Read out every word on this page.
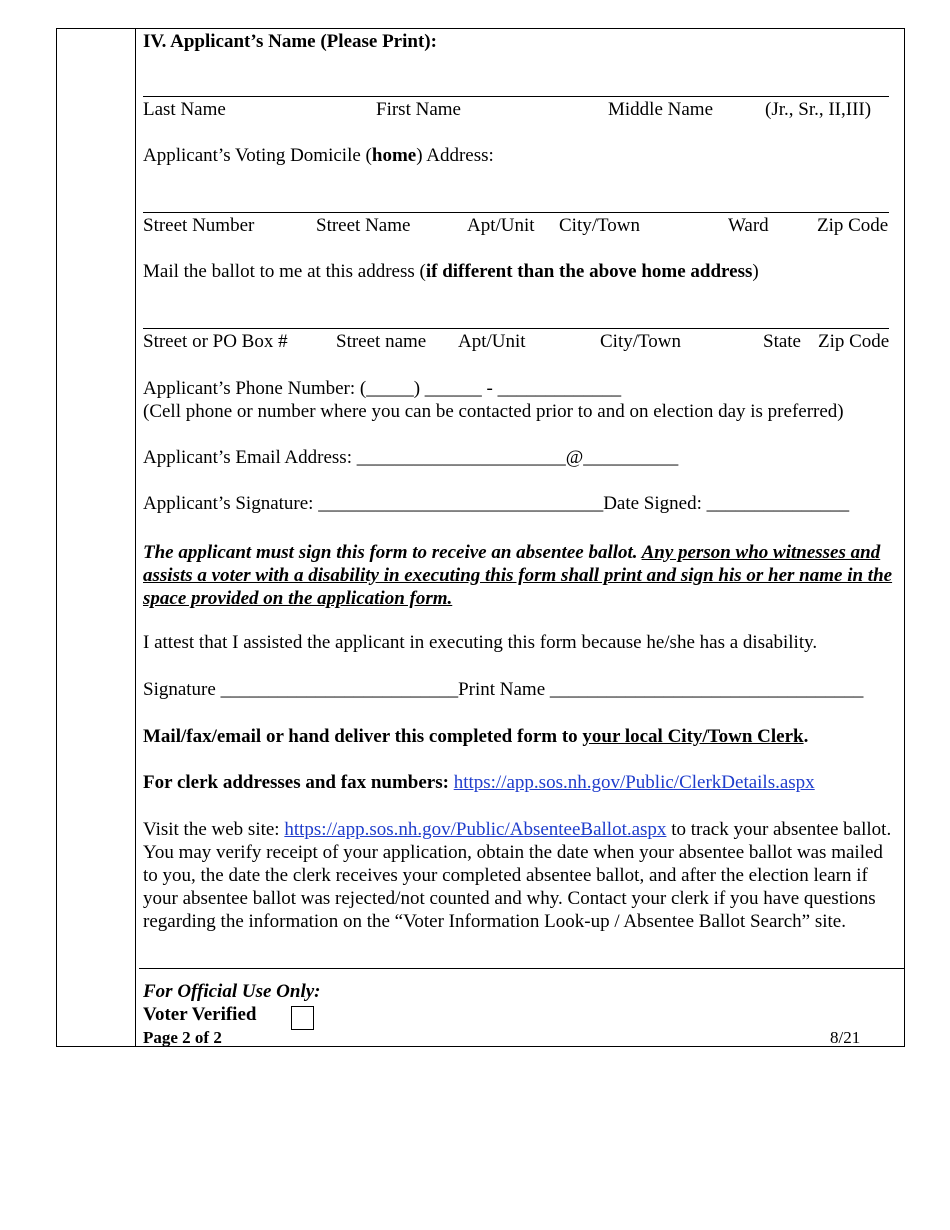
IV. Applicant’s Name (Please Print):
Last Name	First Name	Middle Name	(Jr., Sr., II,III)
Applicant’s Voting Domicile (home) Address:
Street Number	Street Name	Apt/Unit City/Town	Ward	Zip Code
Mail the ballot to me at this address (if different than the above home address)
Street or PO Box #	Street name Apt/Unit	City/Town	State Zip Code
Applicant’s Phone Number: (_____) ______ - _____________
(Cell phone or number where you can be contacted prior to and on election day is preferred)
Applicant’s Email Address: ______________________@__________
Applicant’s Signature: ______________________________Date Signed: _______________
The applicant must sign this form to receive an absentee ballot. Any person who witnesses and assists a voter with a disability in executing this form shall print and sign his or her name in the space provided on the application form.
I attest that I assisted the applicant in executing this form because he/she has a disability.
Signature _________________________Print Name _________________________________
Mail/fax/email or hand deliver this completed form to your local City/Town Clerk.
For clerk addresses and fax numbers: https://app.sos.nh.gov/Public/ClerkDetails.aspx
Visit the web site: https://app.sos.nh.gov/Public/AbsenteeBallot.aspx to track your absentee ballot. You may verify receipt of your application, obtain the date when your absentee ballot was mailed to you, the date the clerk receives your completed absentee ballot, and after the election learn if your absentee ballot was rejected/not counted and why. Contact your clerk if you have questions regarding the information on the “Voter Information Look-up / Absentee Ballot Search” site.
For Official Use Only:
Voter Verified
Page 2 of 2	8/21
